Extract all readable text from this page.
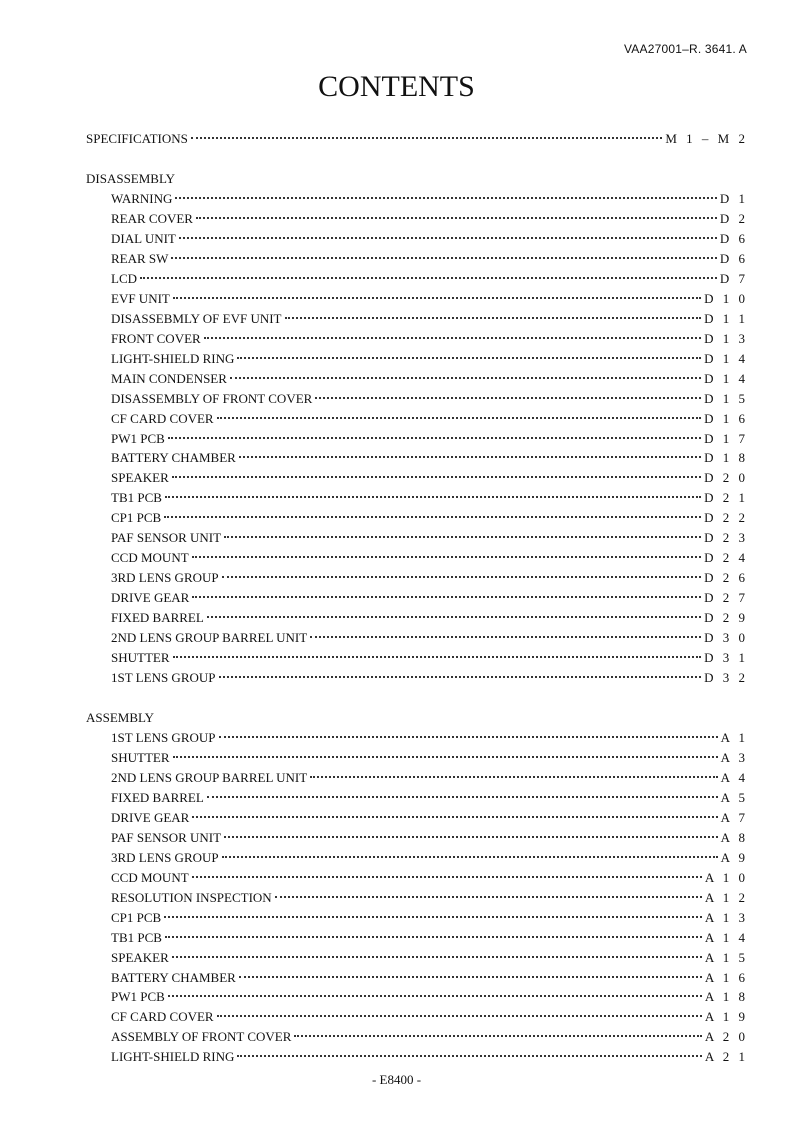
VAA27001–R. 3641. A
CONTENTS
SPECIFICATIONS	M 1 – M 2
DISASSEMBLY
WARNING	D 1
REAR COVER	D 2
DIAL UNIT	D 6
REAR SW	D 6
LCD	D 7
EVF UNIT	D 1 0
DISASSEBMLY OF EVF UNIT	D 1 1
FRONT COVER	D 1 3
LIGHT-SHIELD RING	D 1 4
MAIN CONDENSER	D 1 4
DISASSEMBLY OF FRONT COVER	D 1 5
CF CARD COVER	D 1 6
PW1 PCB	D 1 7
BATTERY CHAMBER	D 1 8
SPEAKER	D 2 0
TB1 PCB	D 2 1
CP1 PCB	D 2 2
PAF SENSOR UNIT	D 2 3
CCD MOUNT	D 2 4
3RD LENS GROUP	D 2 6
DRIVE GEAR	D 2 7
FIXED BARREL	D 2 9
2ND LENS GROUP BARREL UNIT	D 3 0
SHUTTER	D 3 1
1ST LENS GROUP	D 3 2
ASSEMBLY
1ST LENS GROUP	A 1
SHUTTER	A 3
2ND LENS GROUP BARREL UNIT	A 4
FIXED BARREL	A 5
DRIVE GEAR	A 7
PAF SENSOR UNIT	A 8
3RD LENS GROUP	A 9
CCD MOUNT	A 1 0
RESOLUTION INSPECTION	A 1 2
CP1 PCB	A 1 3
TB1 PCB	A 1 4
SPEAKER	A 1 5
BATTERY CHAMBER	A 1 6
PW1 PCB	A 1 8
CF CARD COVER	A 1 9
ASSEMBLY OF FRONT COVER	A 2 0
LIGHT-SHIELD RING	A 2 1
- E8400 -
